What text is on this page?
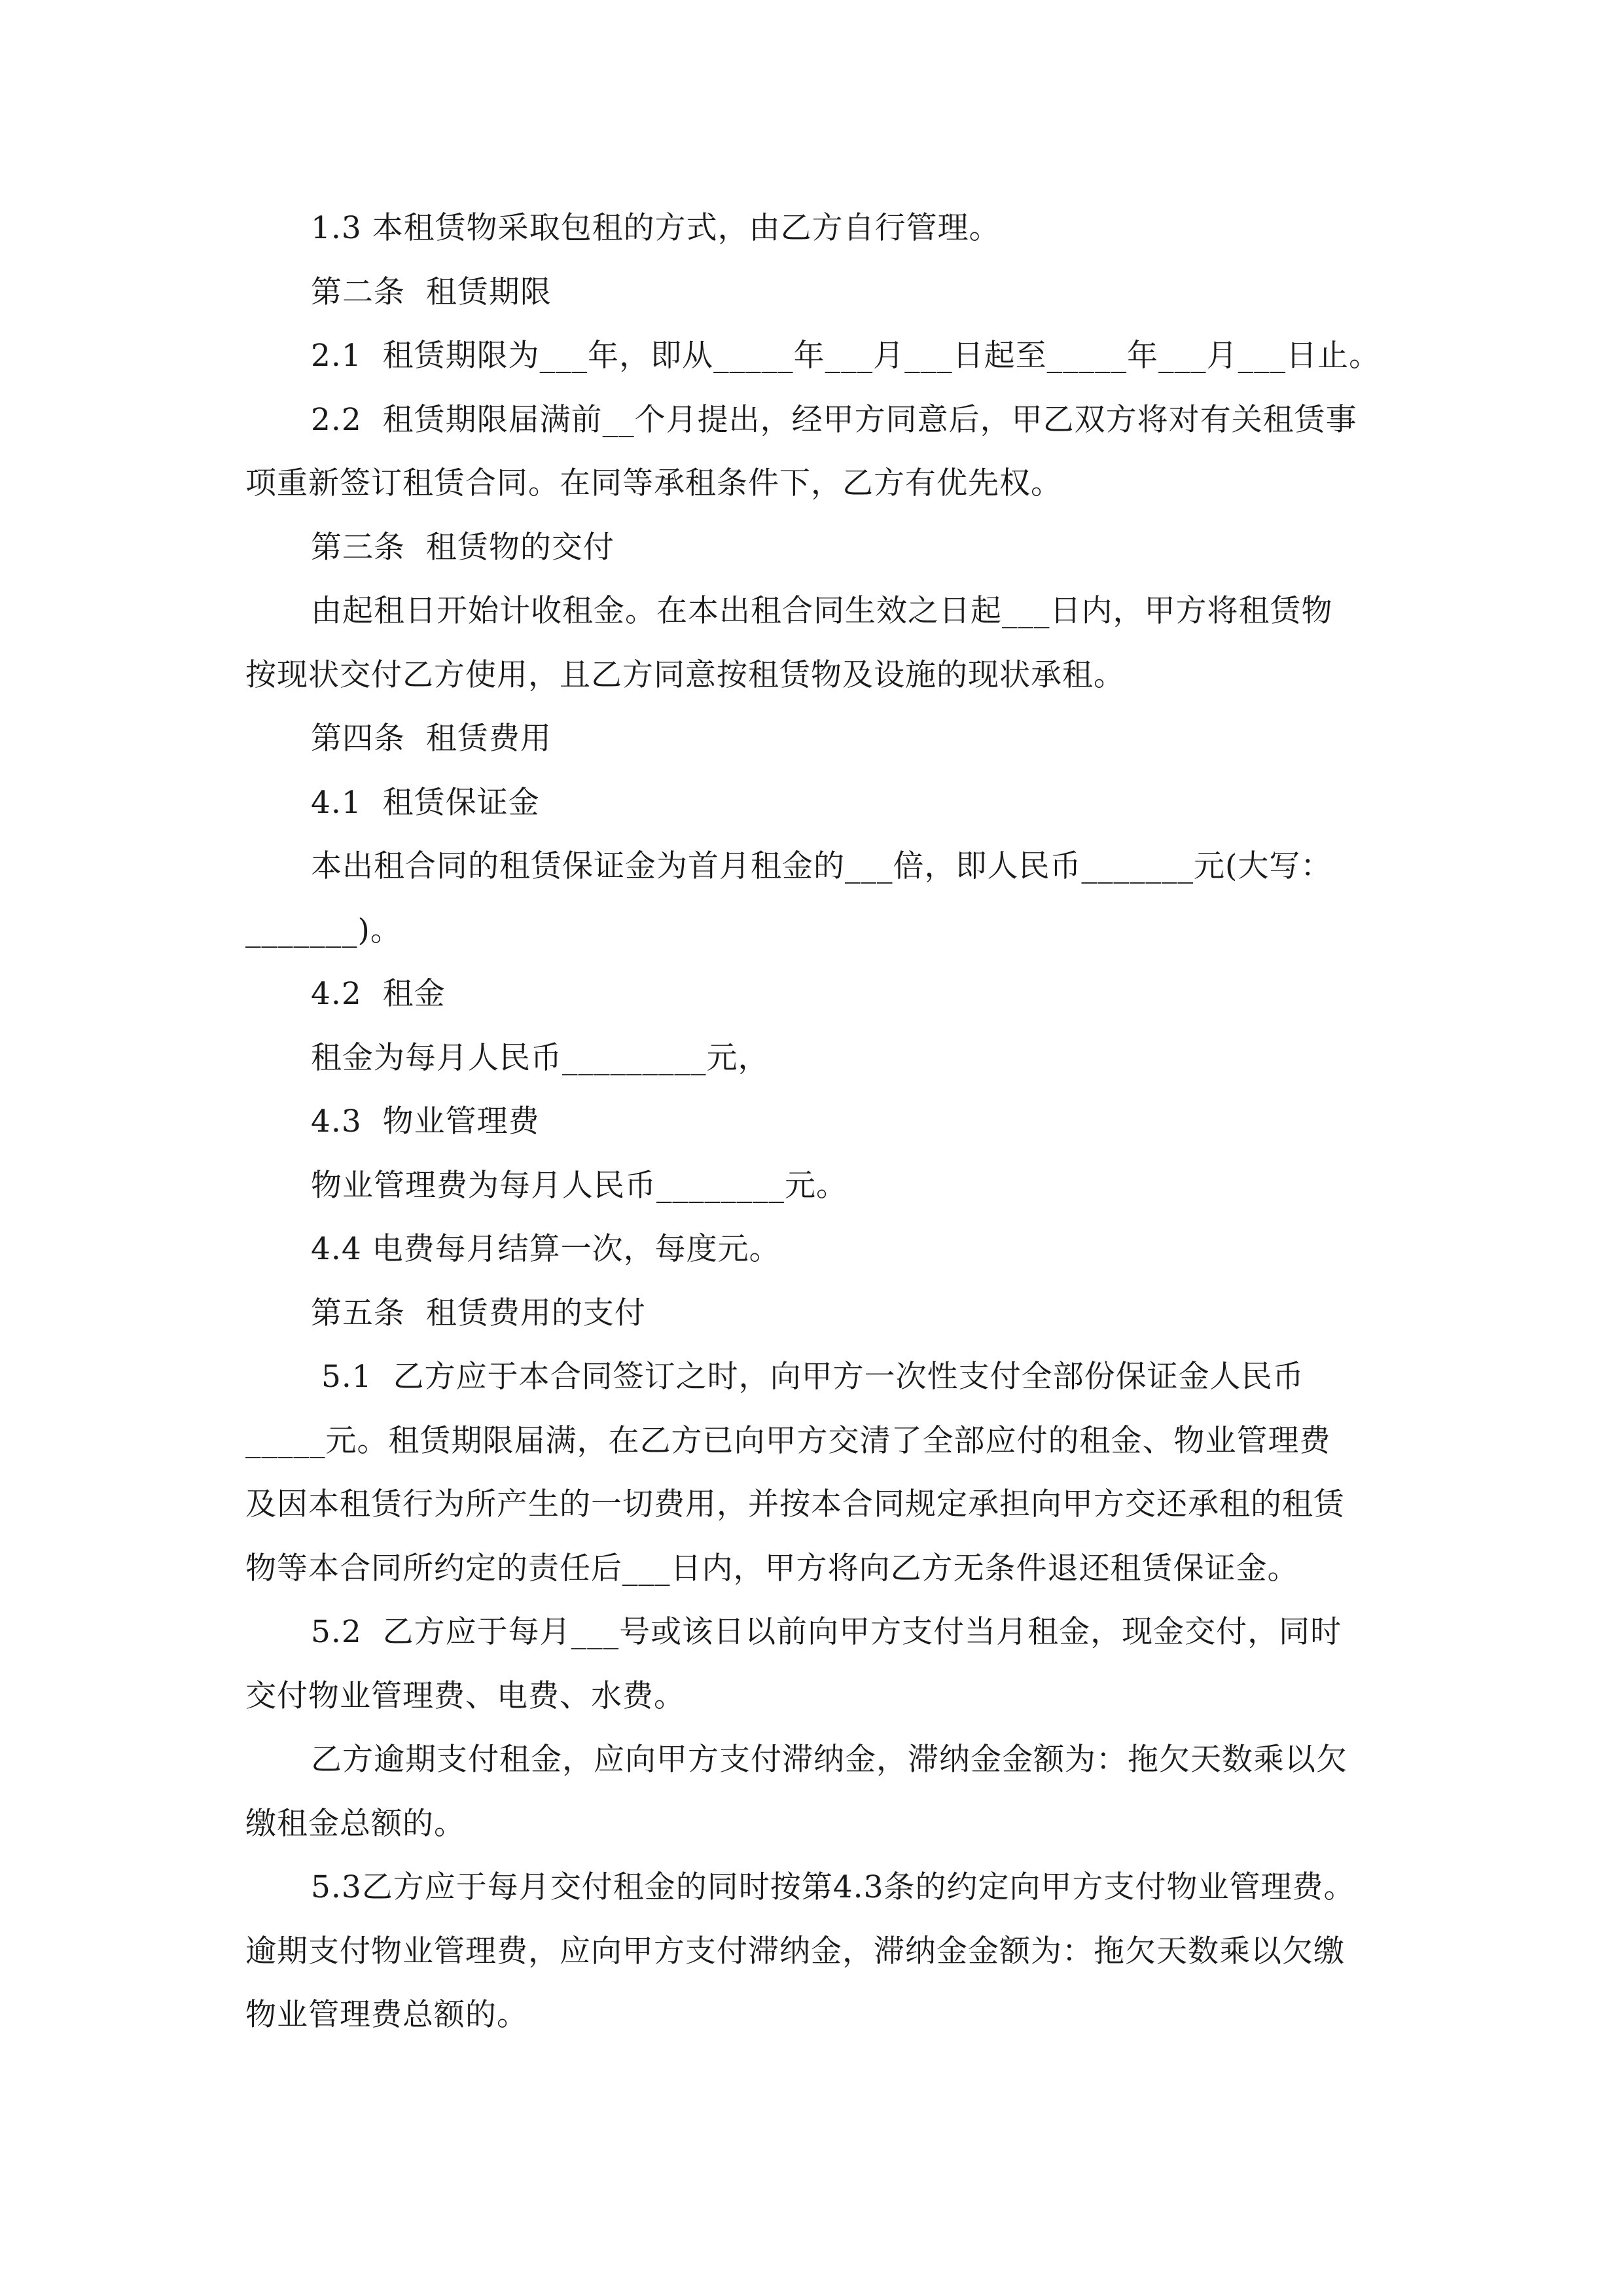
1.3 本租赁物采取包租的方式，由乙方自行管理。
第二条  租赁期限
2.1  租赁期限为___年，即从_____年___月___日起至_____年___月___日止。
2.2  租赁期限届满前__个月提出，经甲方同意后，甲乙双方将对有关租赁事
项重新签订租赁合同。在同等承租条件下，乙方有优先权。
第三条  租赁物的交付
由起租日开始计收租金。在本出租合同生效之日起___日内，甲方将租赁物
按现状交付乙方使用，且乙方同意按租赁物及设施的现状承租。
第四条  租赁费用
4.1  租赁保证金
本出租合同的租赁保证金为首月租金的___倍，即人民币_______元(大写：
_______)。
4.2  租金
租金为每月人民币_________元，
4.3  物业管理费
物业管理费为每月人民币________元。
4.4 电费每月结算一次，每度元。
第五条  租赁费用的支付
5.1  乙方应于本合同签订之时，向甲方一次性支付全部份保证金人民币
_____元。租赁期限届满，在乙方已向甲方交清了全部应付的租金、物业管理费
及因本租赁行为所产生的一切费用，并按本合同规定承担向甲方交还承租的租赁
物等本合同所约定的责任后___日内，甲方将向乙方无条件退还租赁保证金。
5.2  乙方应于每月___号或该日以前向甲方支付当月租金，现金交付，同时
交付物业管理费、电费、水费。
乙方逾期支付租金，应向甲方支付滞纳金，滞纳金金额为：拖欠天数乘以欠
缴租金总额的。
5.3乙方应于每月交付租金的同时按第4.3条的约定向甲方支付物业管理费。
逾期支付物业管理费，应向甲方支付滞纳金，滞纳金金额为：拖欠天数乘以欠缴
物业管理费总额的。
